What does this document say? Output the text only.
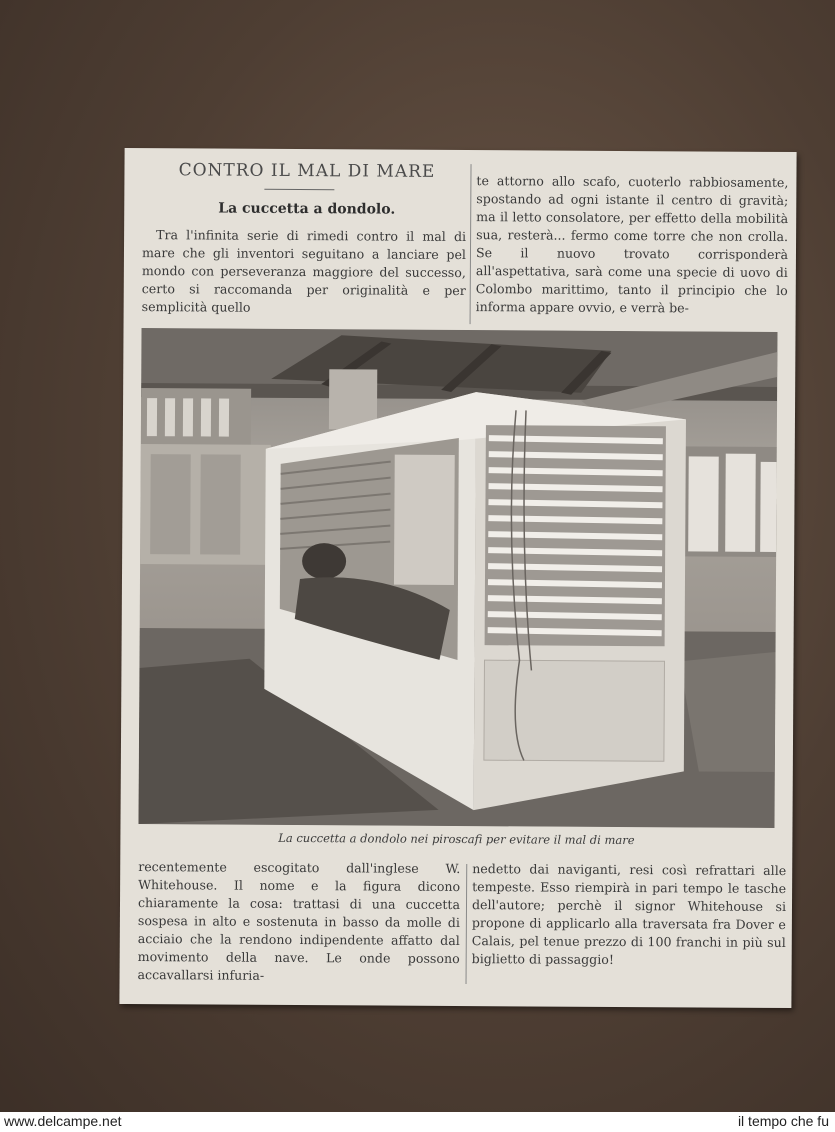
CONTRO IL MAL DI MARE
La cuccetta a dondolo.
Tra l'infinita serie di rimedi contro il mal di mare che gli inventori seguitano a lanciare pel mondo con perseveranza maggiore del successo, certo si raccomanda per originalità e per semplicità quello
te attorno allo scafo, cuoterlo rabbiosamente, spostando ad ogni istante il centro di gravità; ma il letto consolatore, per effetto della mobilità sua, resterà... fermo come torre che non crolla. Se il nuovo trovato corrisponderà all'aspettativa, sarà come una specie di uovo di Colombo marittimo, tanto il principio che lo informa appare ovvio, e verrà be-
La cuccetta a dondolo nei piroscafi per evitare il mal di mare
recentemente escogitato dall'inglese W. Whitehouse. Il nome e la figura dicono chiaramente la cosa: trattasi di una cuccetta sospesa in alto e sostenuta in basso da molle di acciaio che la rendono indipendente affatto dal movimento della nave. Le onde possono accavallarsi infuria-
nedetto dai naviganti, resi così refrattari alle tempeste. Esso riempirà in pari tempo le tasche dell'autore; perchè il signor Whitehouse si propone di applicarlo alla traversata fra Dover e Calais, pel tenue prezzo di 100 franchi in più sul biglietto di passaggio!
www.delcampe.net	il tempo che fu
